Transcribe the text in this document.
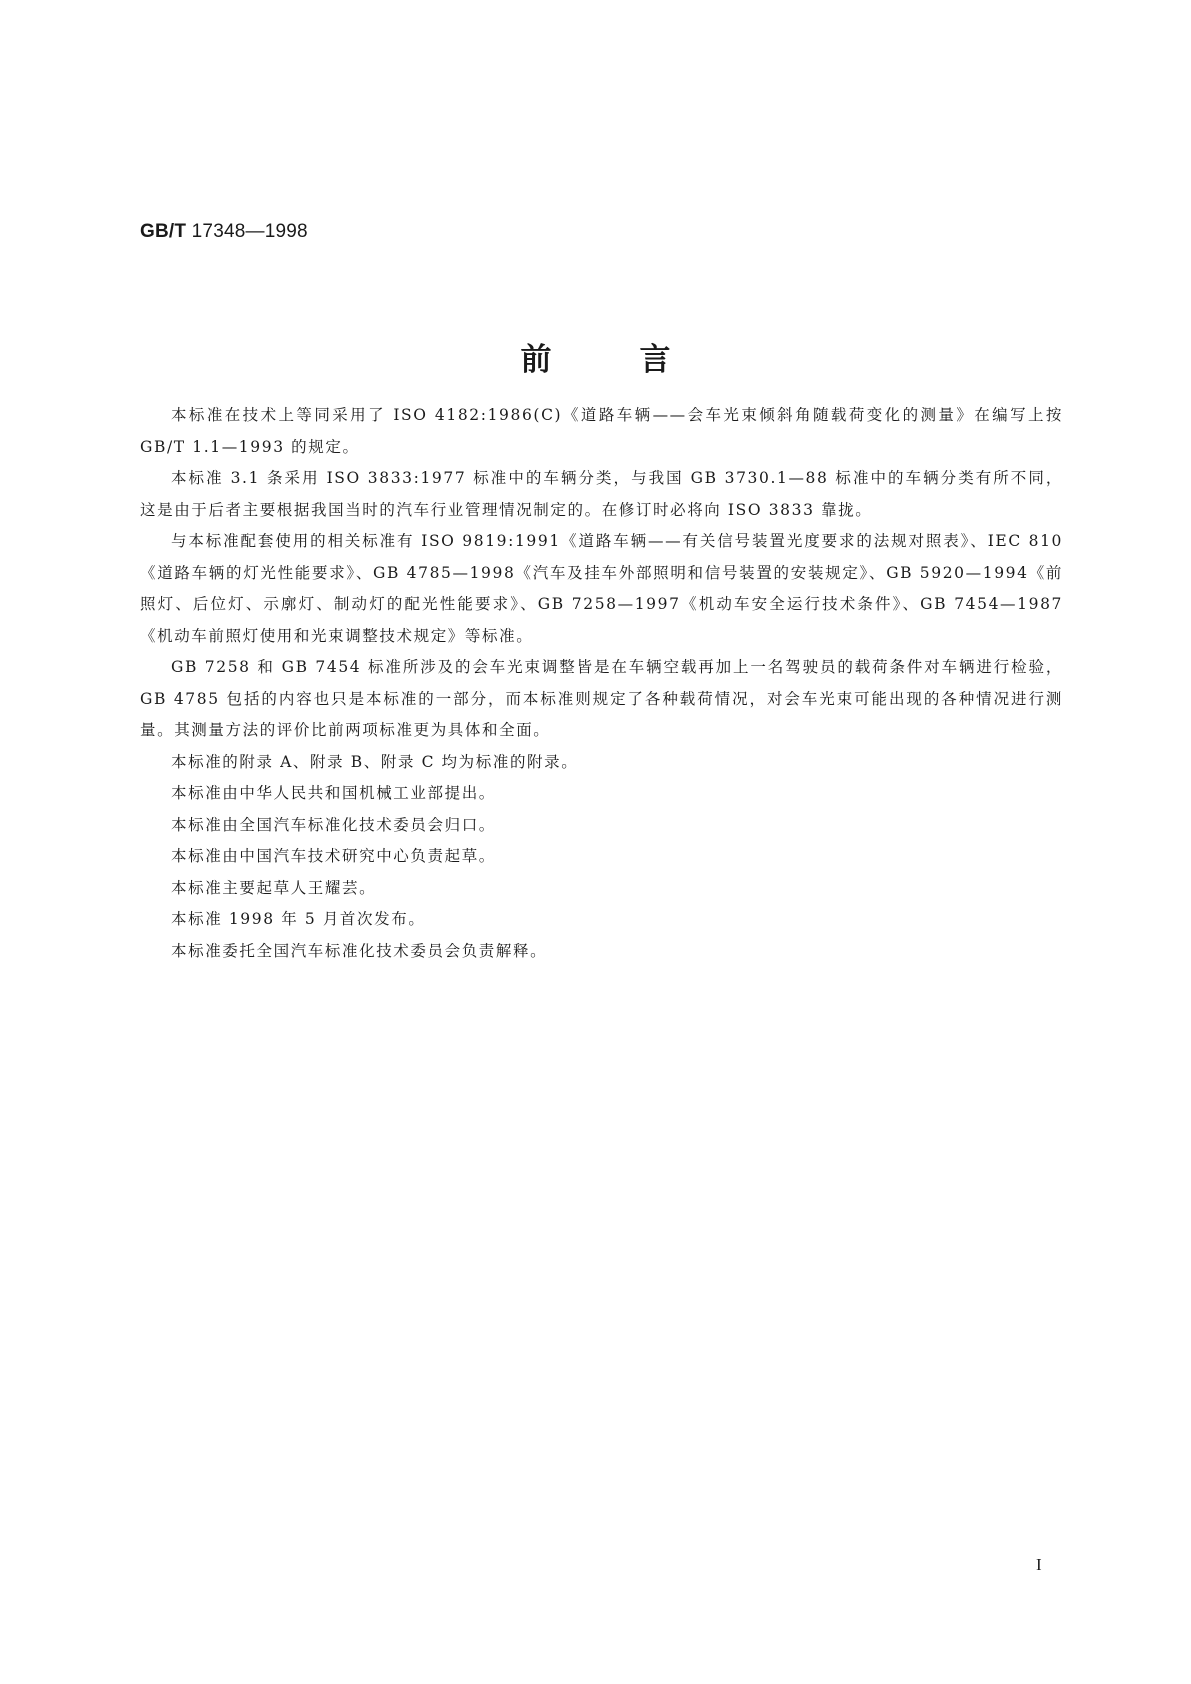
GB/T 17348—1998
前言

本标准在技术上等同采用了 ISO 4182:1986(C)《道路车辆——会车光束倾斜角随载荷变化的测量》在编写上按 GB/T 1.1—1993 的规定。

本标准 3.1 条采用 ISO 3833:1977 标准中的车辆分类，与我国 GB 3730.1—88 标准中的车辆分类有所不同，这是由于后者主要根据我国当时的汽车行业管理情况制定的。在修订时必将向 ISO 3833 靠拢。

与本标准配套使用的相关标准有 ISO 9819:1991《道路车辆——有关信号装置光度要求的法规对照表》、IEC 810《道路车辆的灯光性能要求》、GB 4785—1998《汽车及挂车外部照明和信号装置的安装规定》、GB 5920—1994《前照灯、后位灯、示廓灯、制动灯的配光性能要求》、GB 7258—1997《机动车安全运行技术条件》、GB 7454—1987《机动车前照灯使用和光束调整技术规定》等标准。

GB 7258 和 GB 7454 标准所涉及的会车光束调整皆是在车辆空载再加上一名驾驶员的载荷条件对车辆进行检验，GB 4785 包括的内容也只是本标准的一部分，而本标准则规定了各种载荷情况，对会车光束可能出现的各种情况进行测量。其测量方法的评价比前两项标准更为具体和全面。

本标准的附录 A、附录 B、附录 C 均为标准的附录。

本标准由中华人民共和国机械工业部提出。

本标准由全国汽车标准化技术委员会归口。

本标准由中国汽车技术研究中心负责起草。

本标准主要起草人王耀芸。

本标准 1998 年 5 月首次发布。

本标准委托全国汽车标准化技术委员会负责解释。

I
